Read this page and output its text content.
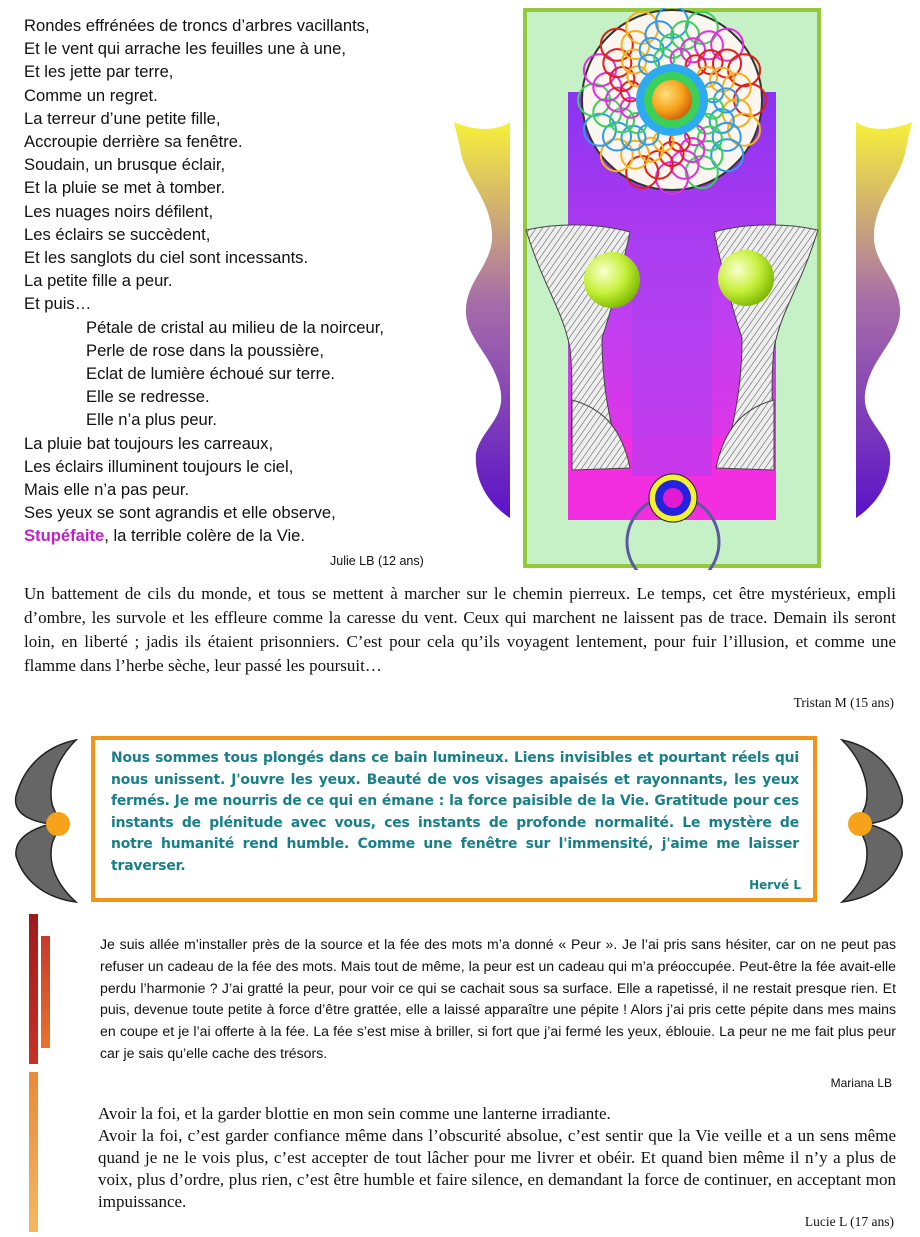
Rondes effrénées de troncs d’arbres vacillants,
Et le vent qui arrache les feuilles une à une,
Et les jette par terre,
Comme un regret.
La terreur d’une petite fille,
Accroupie derrière sa fenêtre.
Soudain, un brusque éclair,
Et la pluie se met à tomber.
Les nuages noirs défilent,
Les éclairs se succèdent,
Et les sanglots du ciel sont incessants.
La petite fille a peur.
Et puis…
Pétale de cristal au milieu de la noirceur,
Perle de rose dans la poussière,
Eclat de lumière échoué sur terre.
Elle se redresse.
Elle n’a plus peur.
La pluie bat toujours les carreaux,
Les éclairs illuminent toujours le ciel,
Mais elle n’a pas peur.
Ses yeux se sont agrandis et elle observe,
Stupéfaite, la terrible colère de la Vie.
Julie LB (12 ans)
Un battement de cils du monde, et tous se mettent à marcher sur le chemin pierreux. Le temps, cet être mystérieux, empli d’ombre, les survole et les effleure comme la caresse du vent. Ceux qui marchent ne laissent pas de trace. Demain ils seront loin, en liberté ; jadis ils étaient prisonniers. C’est pour cela qu’ils voyagent lentement, pour fuir l’illusion, et comme une flamme dans l’herbe sèche, leur passé les poursuit…
Tristan M (15 ans)
Nous sommes tous plongés dans ce bain lumineux. Liens invisibles et pourtant réels qui nous unissent. J'ouvre les yeux. Beauté de vos visages apaisés et rayonnants, les yeux fermés. Je me nourris de ce qui en émane : la force paisible de la Vie. Gratitude pour ces instants de plénitude avec vous, ces instants de profonde normalité. Le mystère de notre humanité rend humble. Comme une fenêtre sur l'immensité, j'aime me laisser traverser.
Hervé L
Je suis allée m’installer près de la source et la fée des mots m’a donné « Peur ». Je l’ai pris sans hésiter, car on ne peut pas refuser un cadeau de la fée des mots. Mais tout de même, la peur est un cadeau qui m’a préoccupée. Peut-être la fée avait-elle perdu l’harmonie ? J’ai gratté la peur, pour voir ce qui se cachait sous sa surface. Elle a rapetissé, il ne restait presque rien. Et puis, devenue toute petite à force d’être grattée, elle a laissé apparaître une pépite ! Alors j’ai pris cette pépite dans mes mains en coupe et je l’ai offerte à la fée. La fée s’est mise à briller, si fort que j’ai fermé les yeux, éblouie. La peur ne me fait plus peur car je sais qu’elle cache des trésors.
Mariana LB

Avoir la foi, et la garder blottie en mon sein comme une lanterne irradiante.

Avoir la foi, c’est garder confiance même dans l’obscurité absolue, c’est sentir que la Vie veille et a un sens même quand je ne le vois plus, c’est accepter de tout lâcher pour me livrer et obéir. Et quand bien même il n’y a plus de voix, plus d’ordre, plus rien, c’est être humble et faire silence, en demandant la force de continuer, en acceptant mon impuissance.

Lucie L (17 ans)
